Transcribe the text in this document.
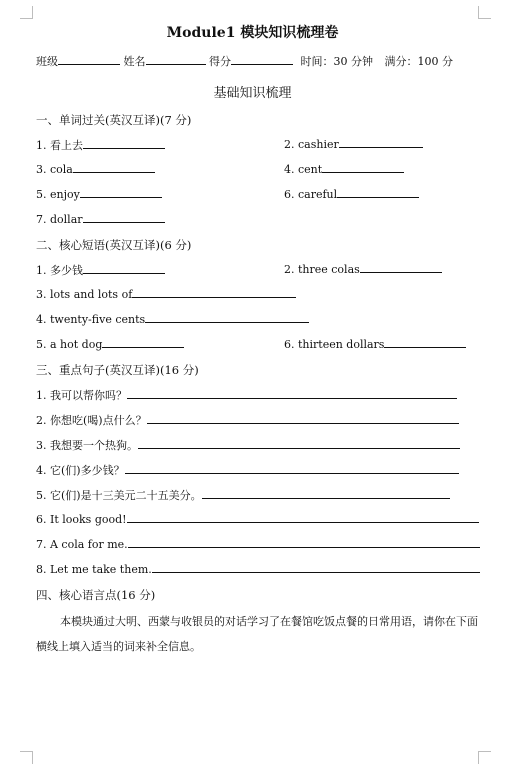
Module1 模块知识梳理卷
班级	姓名	得分	时间：30 分钟 满分：100 分
基础知识梳理
一、单词过关(英汉互译)(7 分)
1. 看上去	2. cashier
3. cola	4. cent
5. enjoy	6. careful
7. dollar
二、核心短语(英汉互译)(6 分)
1. 多少钱	2. three colas
3. lots and lots of
4. twenty-five cents
5. a hot dog	6. thirteen dollars
三、重点句子(英汉互译)(16 分)
1. 我可以帮你吗？
2. 你想吃(喝)点什么？
3. 我想要一个热狗。
4. 它(们)多少钱？
5. 它(们)是十三美元二十五美分。
6. It looks good!
7. A cola for me.
8. Let me take them.
四、核心语言点(16 分)
本模块通过大明、西蒙与收银员的对话学习了在餐馆吃饭点餐的日常用语，请你在下面横线上填入适当的词来补全信息。
